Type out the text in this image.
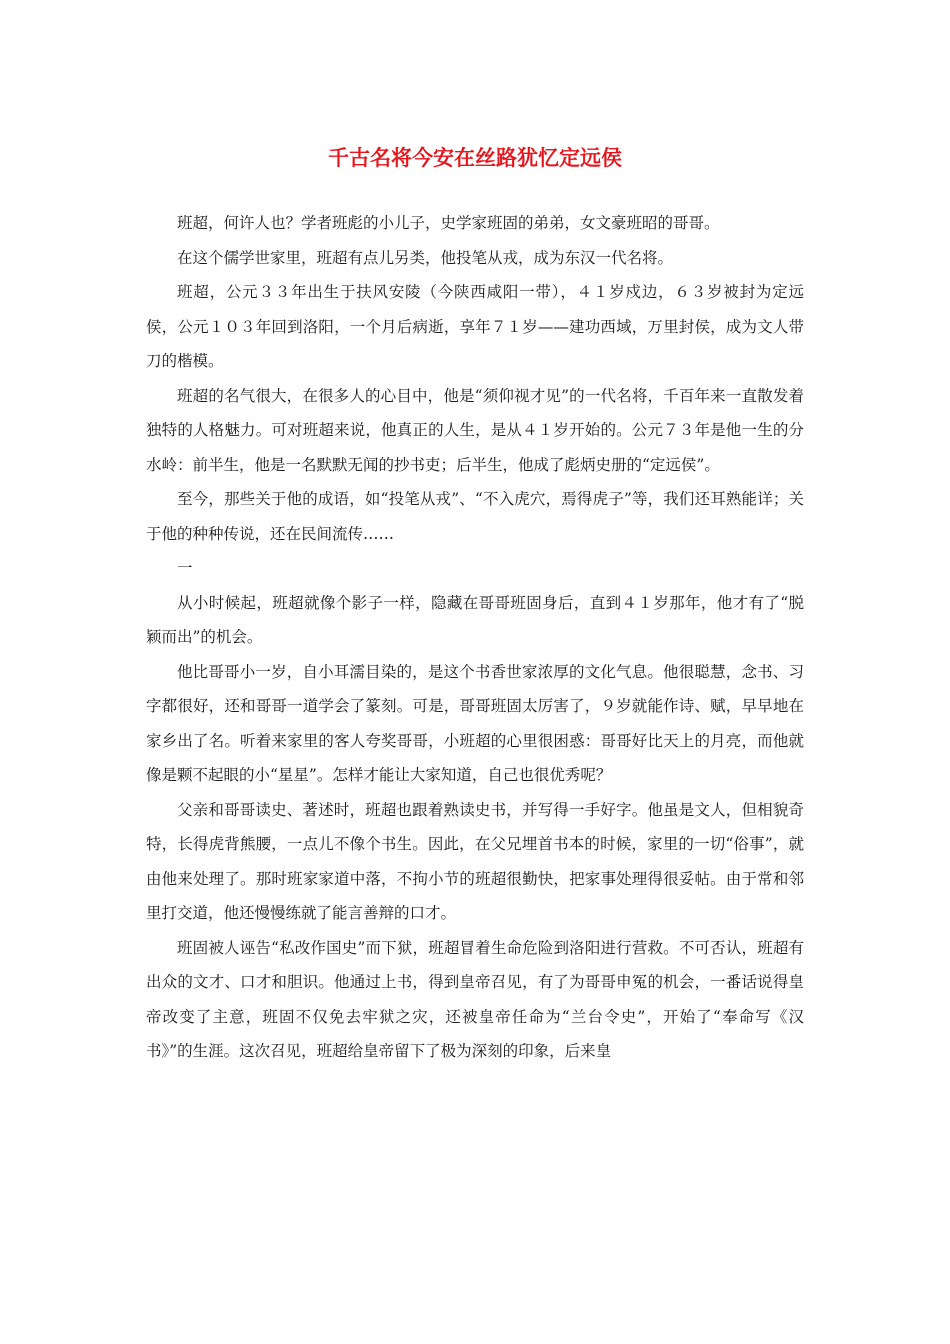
千古名将今安在丝路犹忆定远侯

班超，何许人也？学者班彪的小儿子，史学家班固的弟弟，女文豪班昭的哥哥。

在这个儒学世家里，班超有点儿另类，他投笔从戎，成为东汉一代名将。

班超，公元３３年出生于扶风安陵（今陕西咸阳一带），４１岁戍边，６３岁被封为定远侯，公元１０３年回到洛阳，一个月后病逝，享年７１岁——建功西域，万里封侯，成为文人带刀的楷模。

班超的名气很大，在很多人的心目中，他是“须仰视才见”的一代名将，千百年来一直散发着独特的人格魅力。可对班超来说，他真正的人生，是从４１岁开始的。公元７３年是他一生的分水岭：前半生，他是一名默默无闻的抄书吏；后半生，他成了彪炳史册的“定远侯”。

至今，那些关于他的成语，如“投笔从戎”、“不入虎穴，焉得虎子”等，我们还耳熟能详；关于他的种种传说，还在民间流传……

一

从小时候起，班超就像个影子一样，隐藏在哥哥班固身后，直到４１岁那年，他才有了“脱颖而出”的机会。

他比哥哥小一岁，自小耳濡目染的，是这个书香世家浓厚的文化气息。他很聪慧，念书、习字都很好，还和哥哥一道学会了篆刻。可是，哥哥班固太厉害了，９岁就能作诗、赋，早早地在家乡出了名。听着来家里的客人夸奖哥哥，小班超的心里很困惑：哥哥好比天上的月亮，而他就像是颗不起眼的小“星星”。怎样才能让大家知道，自己也很优秀呢？

父亲和哥哥读史、著述时，班超也跟着熟读史书，并写得一手好字。他虽是文人，但相貌奇特，长得虎背熊腰，一点儿不像个书生。因此，在父兄埋首书本的时候，家里的一切“俗事”，就由他来处理了。那时班家家道中落，不拘小节的班超很勤快，把家事处理得很妥帖。由于常和邻里打交道，他还慢慢练就了能言善辩的口才。

班固被人诬告“私改作国史”而下狱，班超冒着生命危险到洛阳进行营救。不可否认，班超有出众的文才、口才和胆识。他通过上书，得到皇帝召见，有了为哥哥申冤的机会，一番话说得皇帝改变了主意，班固不仅免去牢狱之灾，还被皇帝任命为“兰台令史”，开始了“奉命写《汉书》”的生涯。这次召见，班超给皇帝留下了极为深刻的印象，后来皇
